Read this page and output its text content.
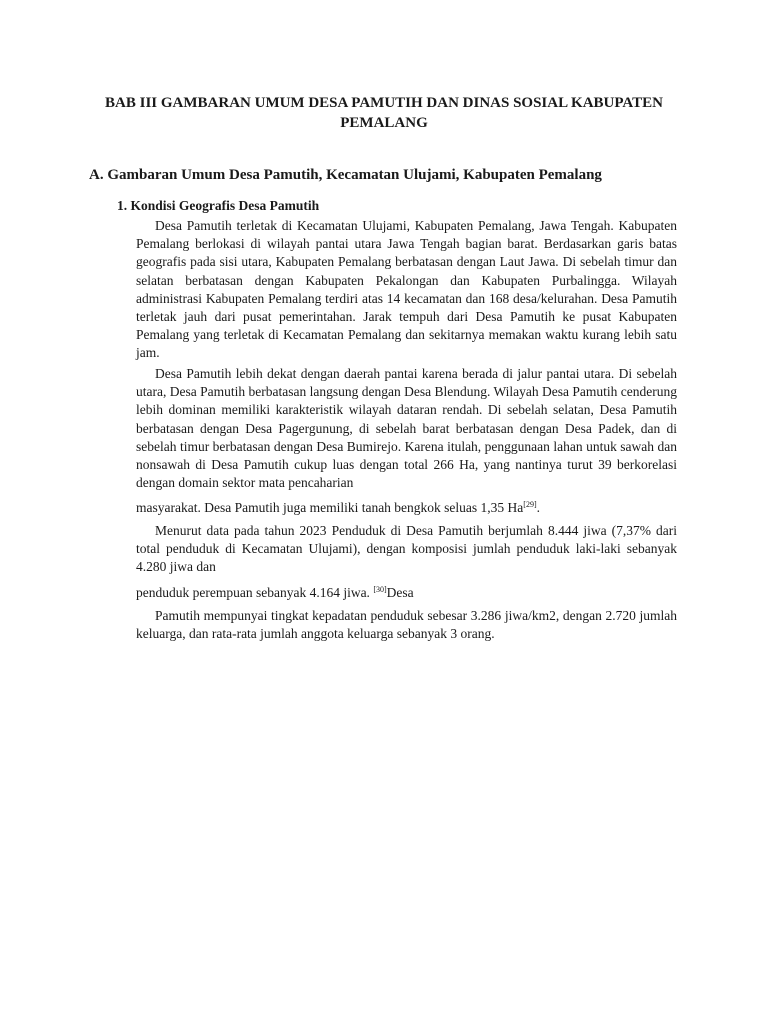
BAB III GAMBARAN UMUM DESA PAMUTIH DAN DINAS SOSIAL KABUPATEN PEMALANG
A. Gambaran Umum Desa Pamutih, Kecamatan Ulujami, Kabupaten Pemalang
1. Kondisi Geografis Desa Pamutih

Desa Pamutih terletak di Kecamatan Ulujami, Kabupaten Pemalang, Jawa Tengah. Kabupaten Pemalang berlokasi di wilayah pantai utara Jawa Tengah bagian barat. Berdasarkan garis batas geografis pada sisi utara, Kabupaten Pemalang berbatasan dengan Laut Jawa. Di sebelah timur dan selatan berbatasan dengan Kabupaten Pekalongan dan Kabupaten Purbalingga. Wilayah administrasi Kabupaten Pemalang terdiri atas 14 kecamatan dan 168 desa/kelurahan. Desa Pamutih terletak jauh dari pusat pemerintahan. Jarak tempuh dari Desa Pamutih ke pusat Kabupaten Pemalang yang terletak di Kecamatan Pemalang dan sekitarnya memakan waktu kurang lebih satu jam.

Desa Pamutih lebih dekat dengan daerah pantai karena berada di jalur pantai utara. Di sebelah utara, Desa Pamutih berbatasan langsung dengan Desa Blendung. Wilayah Desa Pamutih cenderung lebih dominan memiliki karakteristik wilayah dataran rendah. Di sebelah selatan, Desa Pamutih berbatasan dengan Desa Pagergunung, di sebelah barat berbatasan dengan Desa Padek, dan di sebelah timur berbatasan dengan Desa Bumirejo. Karena itulah, penggunaan lahan untuk sawah dan nonsawah di Desa Pamutih cukup luas dengan total 266 Ha, yang nantinya turut 39 berkorelasi dengan domain sektor mata pencaharian

masyarakat. Desa Pamutih juga memiliki tanah bengkok seluas 1,35 Ha[29].

Menurut data pada tahun 2023 Penduduk di Desa Pamutih berjumlah 8.444 jiwa (7,37% dari total penduduk di Kecamatan Ulujami), dengan komposisi jumlah penduduk laki-laki sebanyak 4.280 jiwa dan

penduduk perempuan sebanyak 4.164 jiwa. [30]Desa

Pamutih mempunyai tingkat kepadatan penduduk sebesar 3.286 jiwa/km2, dengan 2.720 jumlah keluarga, dan rata-rata jumlah anggota keluarga sebanyak 3 orang.
